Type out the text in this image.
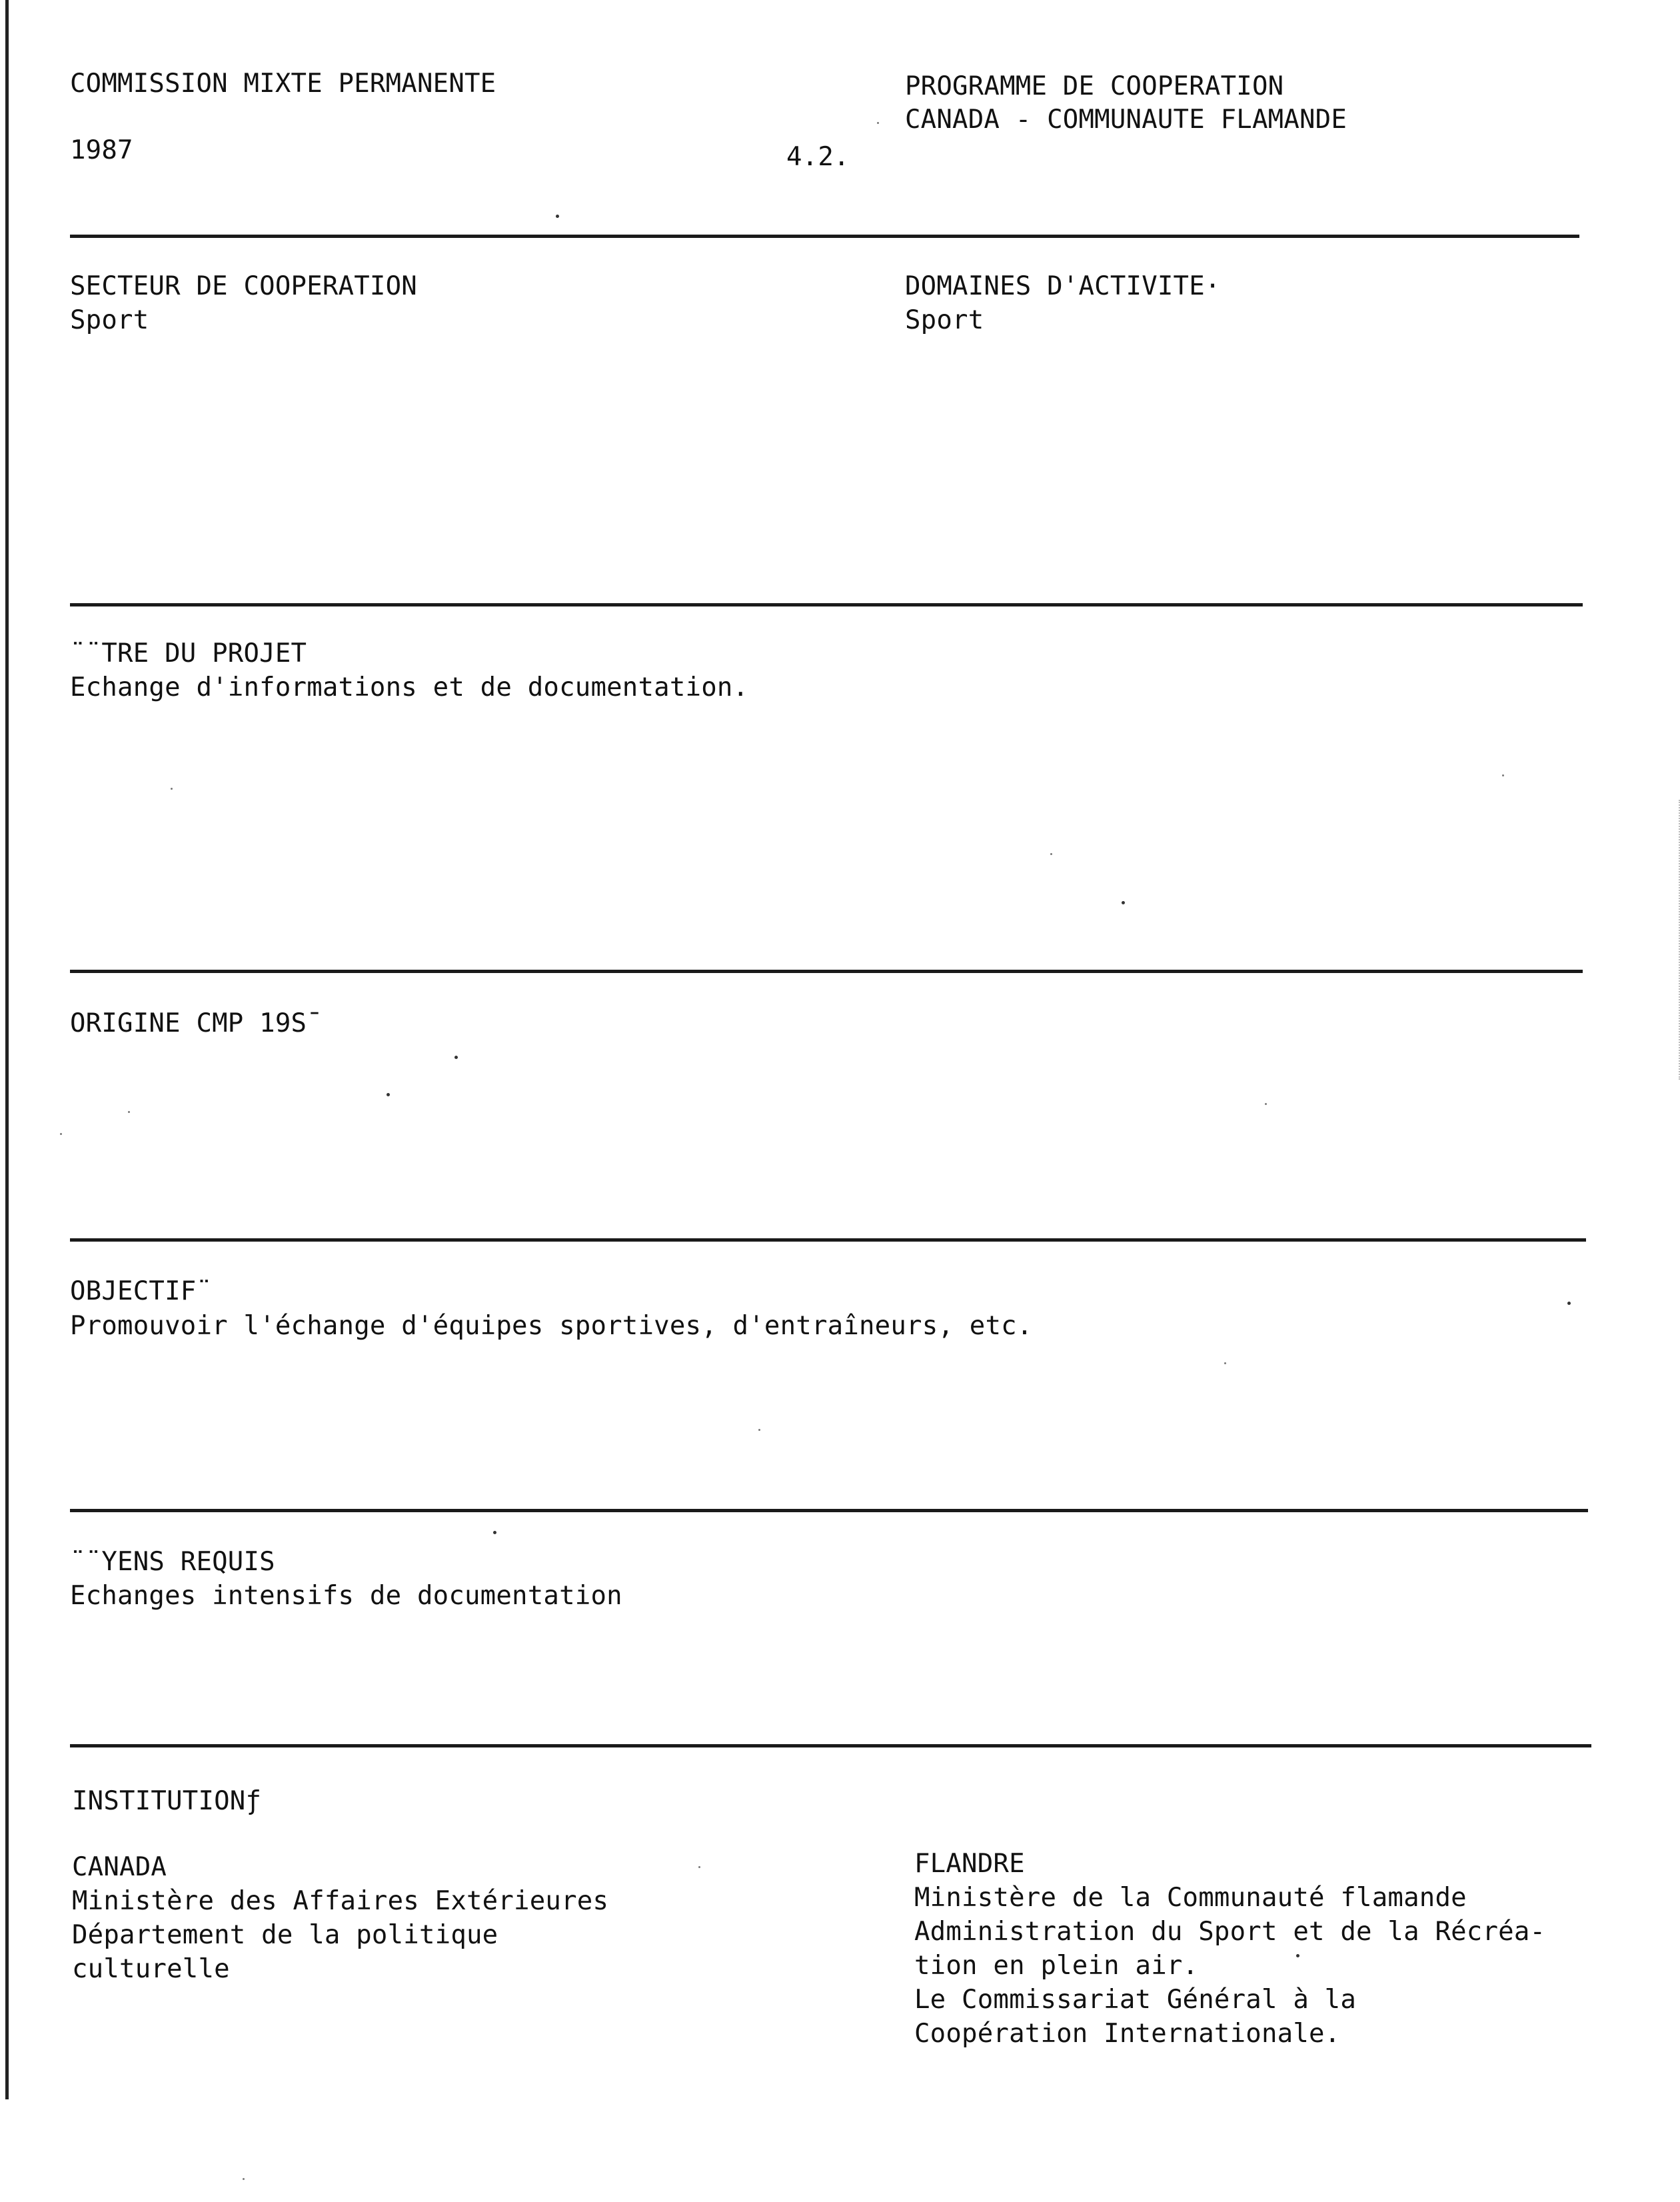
COMMISSION MIXTE PERMANENTE
1987	4.2.
PROGRAMME DE COOPERATION
CANADA - COMMUNAUTE FLAMANDE
SECTEUR DE COOPERATION
Sport
DOMAINES D'ACTIVITE·
Sport
¨¨TRE DU PROJET
Echange d'informations et de documentation.
ORIGINE CMP 19S¯
OBJECTIF¨
Promouvoir l'échange d'équipes sportives, d'entraîneurs, etc.
¨¨YENS REQUIS
Echanges intensifs de documentation
INSTITUTIONƒ
CANADA
Ministère des Affaires Extérieures
Département de la politique
culturelle
FLANDRE
Ministère de la Communauté flamande
Administration du Sport et de la Récréa-
tion en plein air.
Le Commissariat Général à la
Coopération Internationale.
